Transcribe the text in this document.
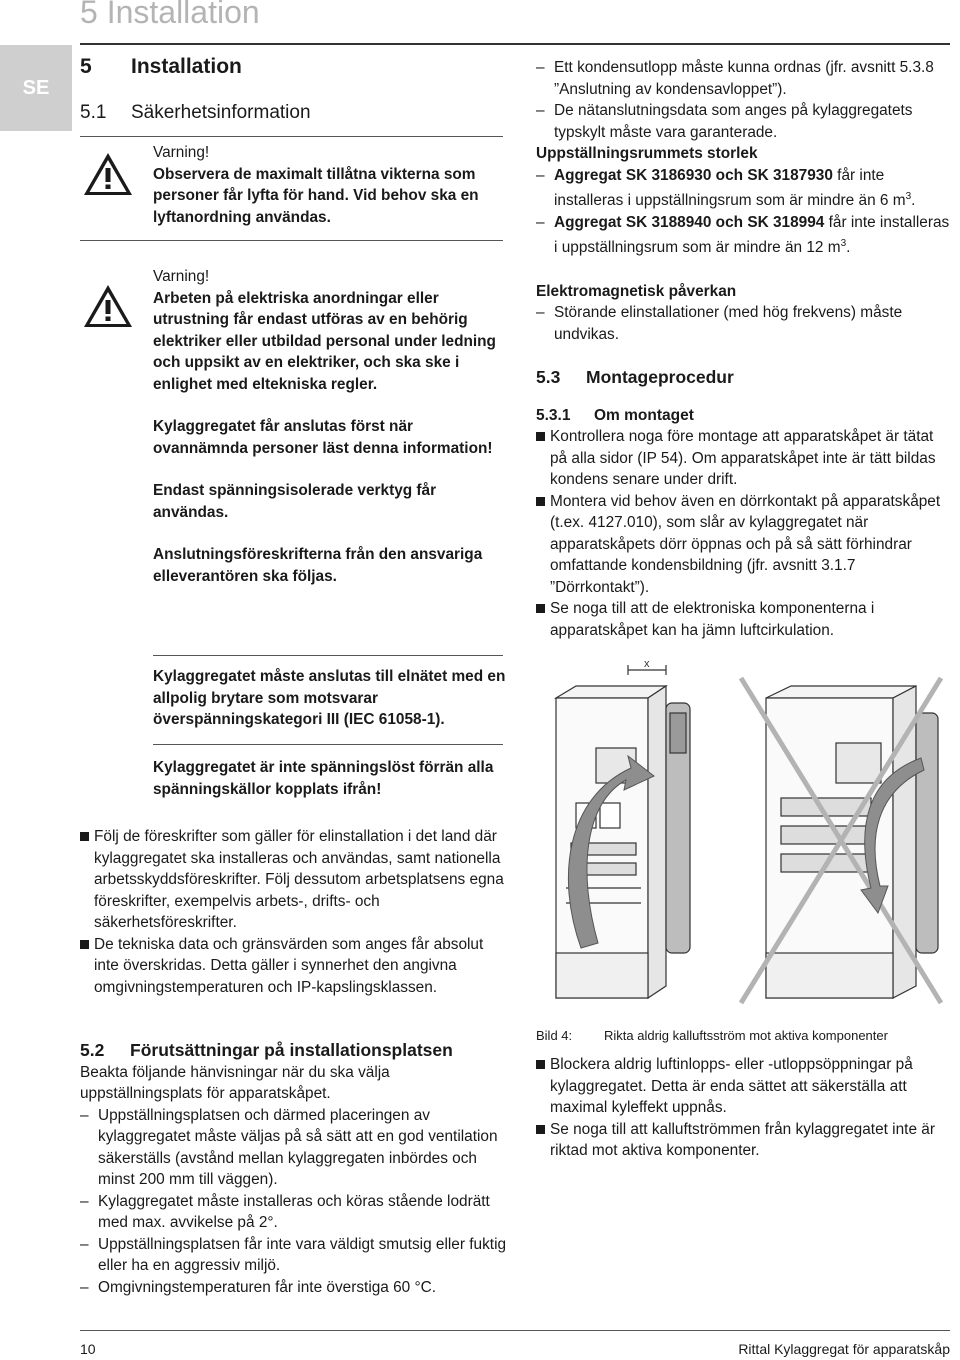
5 Installation
SE
5 Installation
5.1 Säkerhetsinformation

Varning!

Observera de maximalt tillåtna vikterna som personer får lyfta för hand. Vid behov ska en lyftanordning användas.

Varning!

Arbeten på elektriska anordningar eller utrustning får endast utföras av en behörig elektriker eller utbildad personal under ledning och uppsikt av en elektriker, och ska ske i enlighet med eltekniska regler.

Kylaggregatet får anslutas först när ovannämnda personer läst denna information!

Endast spänningsisolerade verktyg får användas.

Anslutningsföreskrifterna från den ansvariga elleverantören ska följas.

Kylaggregatet måste anslutas till elnätet med en allpolig brytare som motsvarar överspänningskategori III (IEC 61058-1).

Kylaggregatet är inte spänningslöst förrän alla spänningskällor kopplats ifrån!

Följ de föreskrifter som gäller för elinstallation i det land där kylaggregatet ska installeras och användas, samt nationella arbetsskyddsföreskrifter. Följ dessutom arbetsplatsens egna föreskrifter, exempelvis arbets-, drifts- och säkerhetsföreskrifter.
De tekniska data och gränsvärden som anges får absolut inte överskridas. Detta gäller i synnerhet den angivna omgivningstemperaturen och IP-kapslingsklassen.

5.2 Förutsättningar på installationsplatsen

Beakta följande hänvisningar när du ska välja uppställningsplats för apparatskåpet.

– Uppställningsplatsen och därmed placeringen av kylaggregatet måste väljas på så sätt att en god ventilation säkerställs (avstånd mellan kylaggregaten inbördes och minst 200 mm till väggen).
– Kylaggregatet måste installeras och köras stående lodrätt med max. avvikelse på 2°.
– Uppställningsplatsen får inte vara väldigt smutsig eller fuktig eller ha en aggressiv miljö.
– Omgivningstemperaturen får inte överstiga 60 °C.
– Ett kondensutlopp måste kunna ordnas (jfr. avsnitt 5.3.8 ”Anslutning av kondensavloppet”).
– De nätanslutningsdata som anges på kylaggregatets typskylt måste vara garanterade.

Uppställningsrummets storlek

– Aggregat SK 3186930 och SK 3187930 får inte installeras i uppställningsrum som är mindre än 6 $m^3$.
– Aggregat SK 3188940 och SK 318994 får inte installeras i uppställningsrum som är mindre än 12 $m^3$.

Elektromagnetisk påverkan

– Störande elinstallationer (med hög frekvens) måste undvikas.

5.3 Montageprocedur

5.3.1 Om montaget

Kontrollera noga före montage att apparatskåpet är tätat på alla sidor (IP 54). Om apparatskåpet inte är tätt bildas kondens senare under drift.
Montera vid behov även en dörrkontakt på apparatskåpet (t.ex. 4127.010), som slår av kylaggregatet när apparatskåpets dörr öppnas och på så sätt förhindrar omfattande kondensbildning (jfr. avsnitt 3.1.7 ”Dörrkontakt”).
Se noga till att de elektroniska komponenterna i apparatskåpet kan ha jämn luftcirkulation.
x
Bild 4: Rikta aldrig kalluftsström mot aktiva komponenter
Blockera aldrig luftinlopps- eller -utloppsöppningar på kylaggregatet. Detta är enda sättet att säkerställa att maximal kyleffekt uppnås.
Se noga till att kalluftströmmen från kylaggregatet inte är riktad mot aktiva komponenter.
10	Rittal Kylaggregat för apparatskåp
